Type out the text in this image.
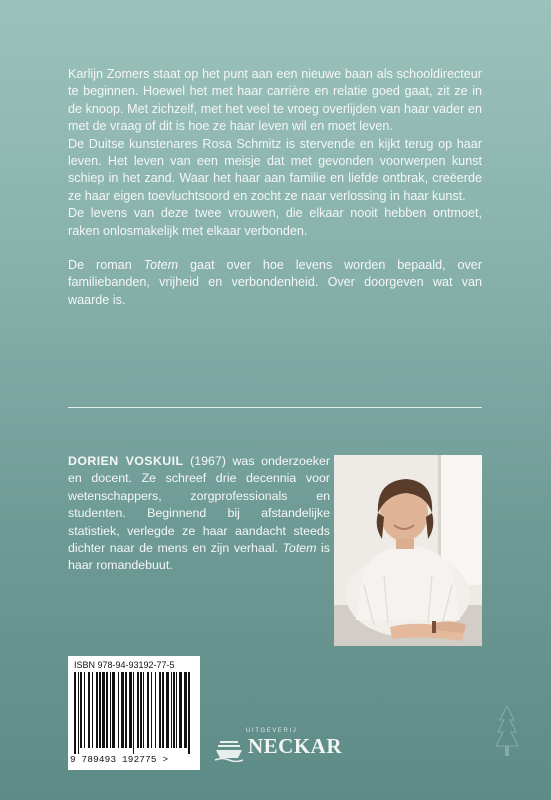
Karlijn Zomers staat op het punt aan een nieuwe baan als schooldirecteur te beginnen. Hoewel het met haar carrière en relatie goed gaat, zit ze in de knoop. Met zichzelf, met het veel te vroeg overlijden van haar vader en met de vraag of dit is hoe ze haar leven wil en moet leven.

De Duitse kunstenares Rosa Schmitz is stervende en kijkt terug op haar leven. Het leven van een meisje dat met gevonden voorwerpen kunst schiep in het zand. Waar het haar aan familie en liefde ontbrak, creëerde ze haar eigen toevluchtsoord en zocht ze naar verlossing in haar kunst.

De levens van deze twee vrouwen, die elkaar nooit hebben ontmoet, raken onlosmakelijk met elkaar verbonden.

De roman Totem gaat over hoe levens worden bepaald, over familiebanden, vrijheid en verbondenheid. Over doorgeven wat van waarde is.

DORIEN VOSKUIL (1967) was onderzoeker en docent. Ze schreef drie decennia voor wetenschappers, zorgprofessionals en studenten. Beginnend bij afstandelijke statistiek, verlegde ze haar aandacht steeds dichter naar de mens en zijn verhaal. Totem is haar romandebuut.
ISBN 978-94-93192-77-5
9 789493 192775 >
UITGEVERIJ
NECKAR
